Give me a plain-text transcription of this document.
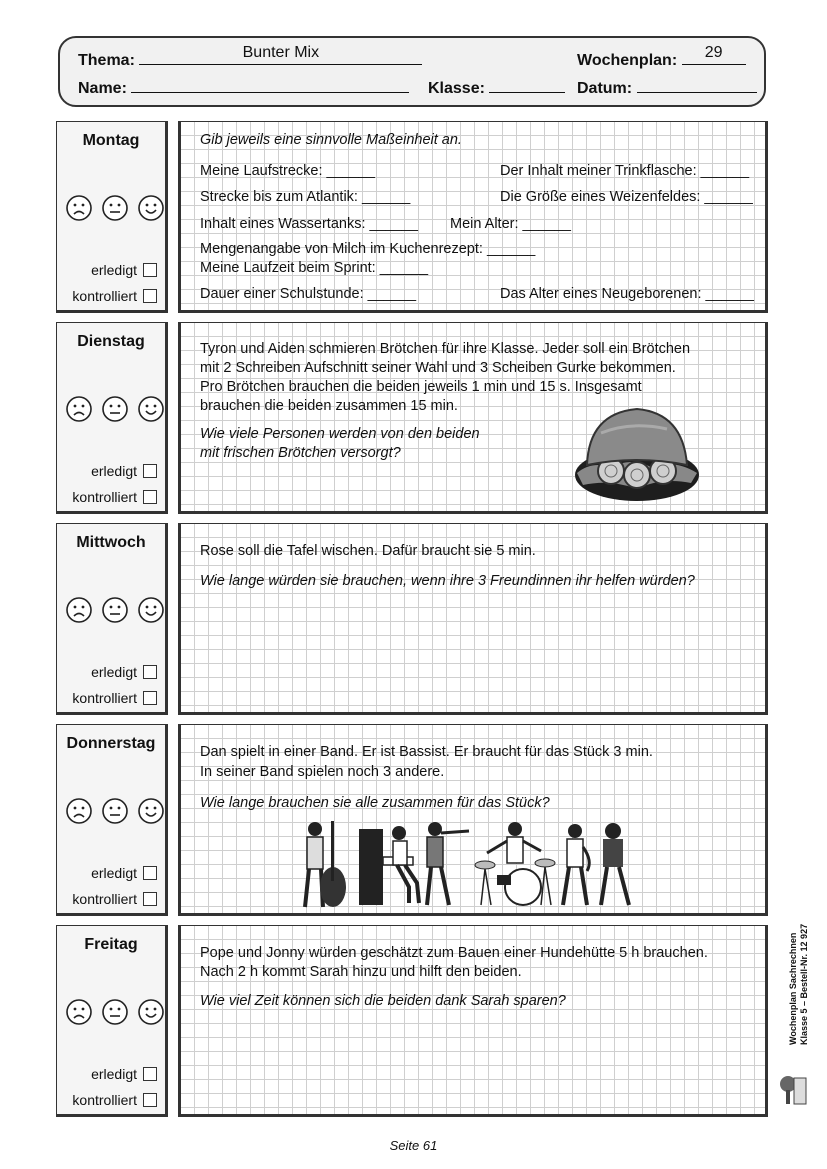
Thema:	Bunter Mix	Wochenplan:	29
Name:	Klasse:	Datum:
Montag
erledigt
kontrolliert
Gib jeweils eine sinnvolle Maßeinheit an.
Meine Laufstrecke: ______	Der Inhalt meiner Trinkflasche: ______
Strecke bis zum Atlantik: ______	Die Größe eines Weizenfeldes: ______
Inhalt eines Wassertanks: ______ Mein Alter: ______
Mengenangabe von Milch im Kuchenrezept: ______
Meine Laufzeit beim Sprint: ______
Dauer einer Schulstunde: ______	Das Alter eines Neugeborenen: ______
Dienstag
erledigt
kontrolliert
Tyron und Aiden schmieren Brötchen für ihre Klasse. Jeder soll ein Brötchen
mit 2 Schreiben Aufschnitt seiner Wahl und 3 Scheiben Gurke bekommen.
Pro Brötchen brauchen die beiden jeweils 1 min und 15 s. Insgesamt
brauchen die beiden zusammen 15 min.
Wie viele Personen werden von den beiden
mit frischen Brötchen versorgt?
Mittwoch
erledigt
kontrolliert
Rose soll die Tafel wischen. Dafür braucht sie 5 min.
Wie lange würden sie brauchen, wenn ihre 3 Freundinnen ihr helfen würden?
Donnerstag
erledigt
kontrolliert
Dan spielt in einer Band. Er ist Bassist. Er braucht für das Stück 3 min.
In seiner Band spielen noch 3 andere.
Wie lange brauchen sie alle zusammen für das Stück?
Freitag
erledigt
kontrolliert
Pope und Jonny würden geschätzt zum Bauen einer Hundehütte 5 h brauchen.
Nach 2 h kommt Sarah hinzu und hilft den beiden.
Wie viel Zeit können sich die beiden dank Sarah sparen?	Wochenplan Sachrechnen Klasse 5 – Bestell-Nr. 12 927
Seite 61
